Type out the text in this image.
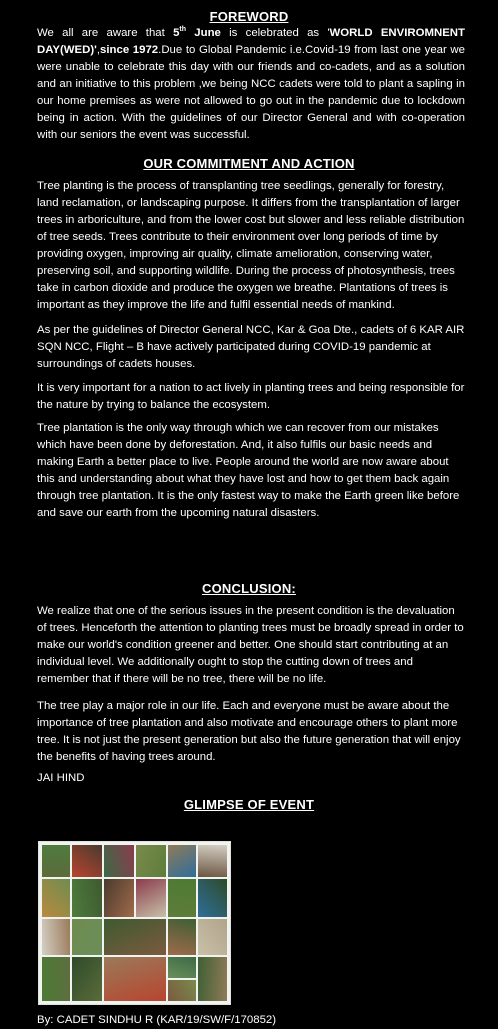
FOREWORD

We all are aware that 5th June is celebrated as 'WORLD ENVIROMNENT DAY(WED)',since 1972.Due to Global Pandemic i.e.Covid-19 from last one year we were unable to celebrate this day with our friends and co-cadets, and as a solution and an initiative to this problem ,we being NCC cadets were told to plant a sapling in our home premises as were not allowed to go out in the pandemic due to lockdown being in action. With the guidelines of our Director General and with co-operation with our seniors the event was successful.

OUR COMMITMENT AND ACTION

Tree planting is the process of transplanting tree seedlings, generally for forestry, land reclamation, or landscaping purpose. It differs from the transplantation of larger trees in arboriculture, and from the lower cost but slower and less reliable distribution of tree seeds. Trees contribute to their environment over long periods of time by providing oxygen, improving air quality, climate amelioration, conserving water, preserving soil, and supporting wildlife. During the process of photosynthesis, trees take in carbon dioxide and produce the oxygen we breathe. Plantations of trees is important as they improve the life and fulfil essential needs of mankind.

As per the guidelines of Director General NCC, Kar & Goa Dte., cadets of 6 KAR AIR SQN NCC, Flight – B have actively participated during COVID-19 pandemic at surroundings of cadets houses.

It is very important for a nation to act lively in planting trees and being responsible for the nature by trying to balance the ecosystem.

Tree plantation is the only way through which we can recover from our mistakes which have been done by deforestation. And, it also fulfils our basic needs and making Earth a better place to live. People around the world are now aware about this and understanding about what they have lost and how to get them back again through tree plantation. It is the only fastest way to make the Earth green like before and save our earth from the upcoming natural disasters.

CONCLUSION:

We realize that one of the serious issues in the present condition is the devaluation of trees. Henceforth the attention to planting trees must be broadly spread in order to make our world's condition greener and better. One should start contributing at an individual level. We additionally ought to stop the cutting down of trees and remember that if there will be no tree, there will be no life.

The tree play a major role in our life. Each and everyone must be aware about the importance of tree plantation and also motivate and encourage others to plant more tree. It is not just the present generation but also the future generation that will enjoy the benefits of having trees around.

JAI HIND

GLIMPSE OF EVENT
By: CADET SINDHU R (KAR/19/SW/F/170852)
